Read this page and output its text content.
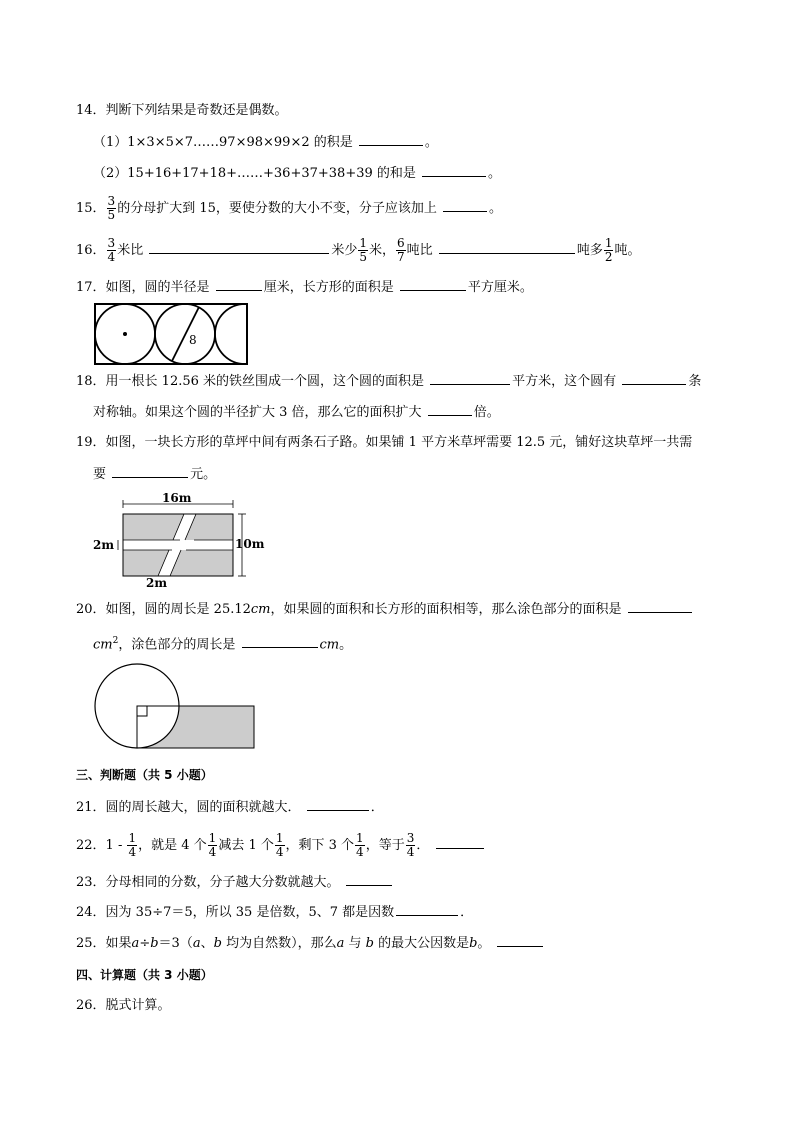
14．判断下列结果是奇数还是偶数。
（1）1×3×5×7……97×98×99×2 的积是	。
（2）15+16+17+18+……+36+37+38+39 的和是	。
15． $\frac{3}{5}$ 的分母扩大到 15，要使分数的大小不变，分子应该加上	。
16． $\frac{3}{4}$ 米比	米少 $\frac{1}{5}$ 米， $\frac{6}{7}$ 吨比	吨多 $\frac{1}{2}$ 吨。
17．如图，圆的半径是	厘米，长方形的面积是	平方厘米。
8
18．用一根长 12.56 米的铁丝围成一个圆，这个圆的面积是	平方米，这个圆有	条
对称轴。如果这个圆的半径扩大 3 倍，那么它的面积扩大	倍。
19．如图，一块长方形的草坪中间有两条石子路。如果铺 1 平方米草坪需要 12.5 元，铺好这块草坪一共需
要	元。
16m
10m
2m
2m
20．如图，圆的周长是 25.12cm，如果圆的面积和长方形的面积相等，那么涂色部分的面积是
$cm^2$，涂色部分的周长是	cm。
三、判断题（共 5 小题）
21．圆的周长越大，圆的面积就越大．	．
22．$1 - \frac{1}{4}$ ，就是 4 个 $\frac{1}{4}$ 减去 1 个 $\frac{1}{4}$ ，剩下 3 个 $\frac{1}{4}$ ，等于 $\frac{3}{4}$ ．
23．分母相同的分数，分子越大分数就越大。
24．因为 35÷7＝5，所以 35 是倍数，5、7 都是因数	．
25．如果a÷b＝3（a、b 均为自然数），那么a 与 b 的最大公因数是b。
四、计算题（共 3 小题）
26．脱式计算。
